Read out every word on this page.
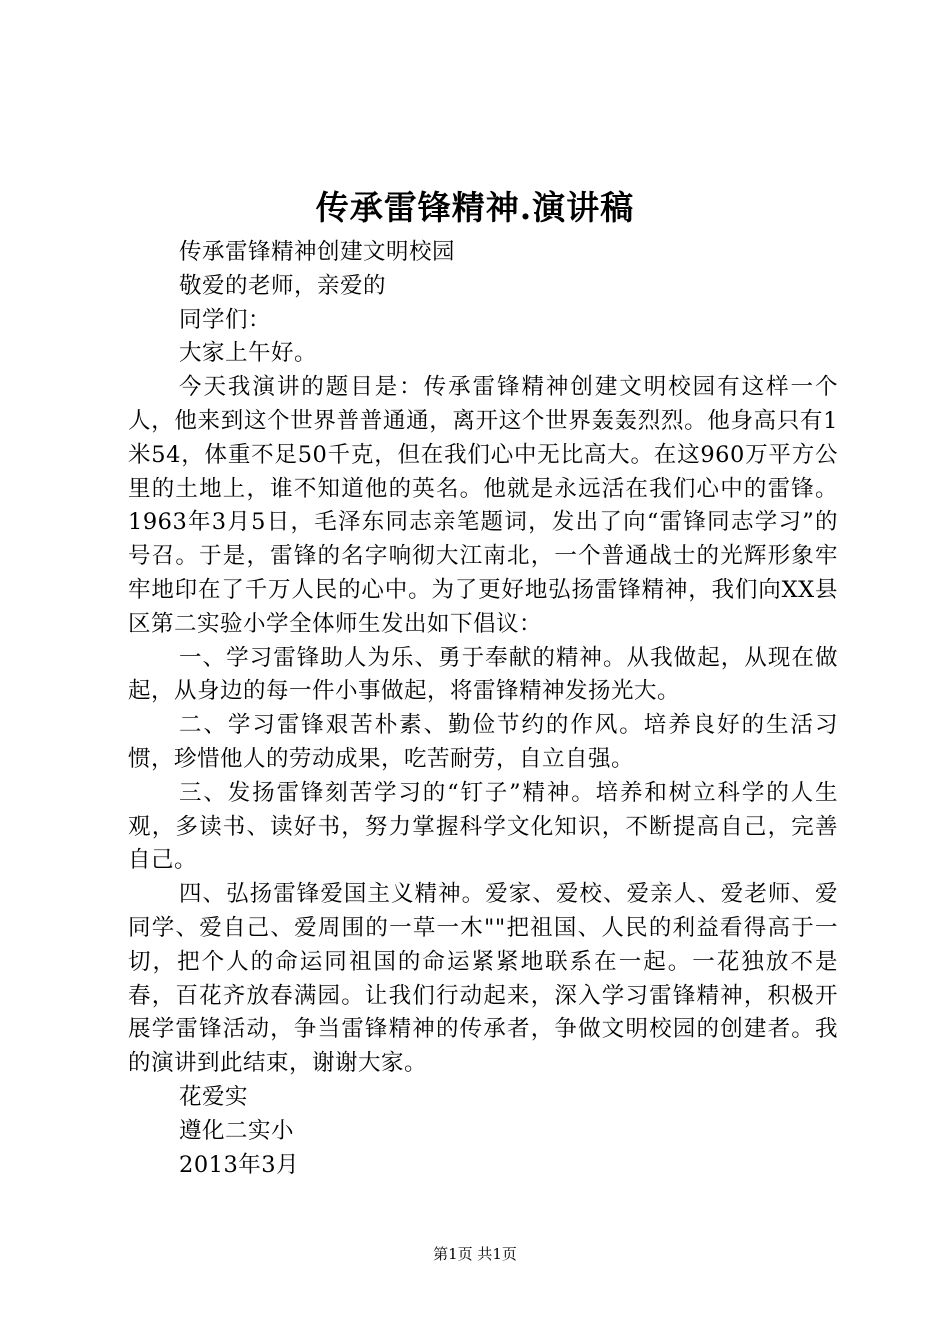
传承雷锋精神.演讲稿

传承雷锋精神创建文明校园

敬爱的老师，亲爱的

同学们：

大家上午好。

今天我演讲的题目是：传承雷锋精神创建文明校园有这样一个人，他来到这个世界普普通通，离开这个世界轰轰烈烈。他身高只有1米54，体重不足50千克，但在我们心中无比高大。在这960万平方公里的土地上，谁不知道他的英名。他就是永远活在我们心中的雷锋。1963年3月5日，毛泽东同志亲笔题词，发出了向“雷锋同志学习”的号召。于是，雷锋的名字响彻大江南北，一个普通战士的光辉形象牢牢地印在了千万人民的心中。为了更好地弘扬雷锋精神，我们向XX县区第二实验小学全体师生发出如下倡议：

一、学习雷锋助人为乐、勇于奉献的精神。从我做起，从现在做起，从身边的每一件小事做起，将雷锋精神发扬光大。

二、学习雷锋艰苦朴素、勤俭节约的作风。培养良好的生活习惯，珍惜他人的劳动成果，吃苦耐劳，自立自强。

三、发扬雷锋刻苦学习的“钉子”精神。培养和树立科学的人生观，多读书、读好书，努力掌握科学文化知识，不断提高自己，完善自己。

四、弘扬雷锋爱国主义精神。爱家、爱校、爱亲人、爱老师、爱同学、爱自己、爱周围的一草一木""把祖国、人民的利益看得高于一切，把个人的命运同祖国的命运紧紧地联系在一起。一花独放不是春，百花齐放春满园。让我们行动起来，深入学习雷锋精神，积极开展学雷锋活动，争当雷锋精神的传承者，争做文明校园的创建者。我的演讲到此结束，谢谢大家。

花爱实

遵化二实小

2013年3月

第1页 共1页
